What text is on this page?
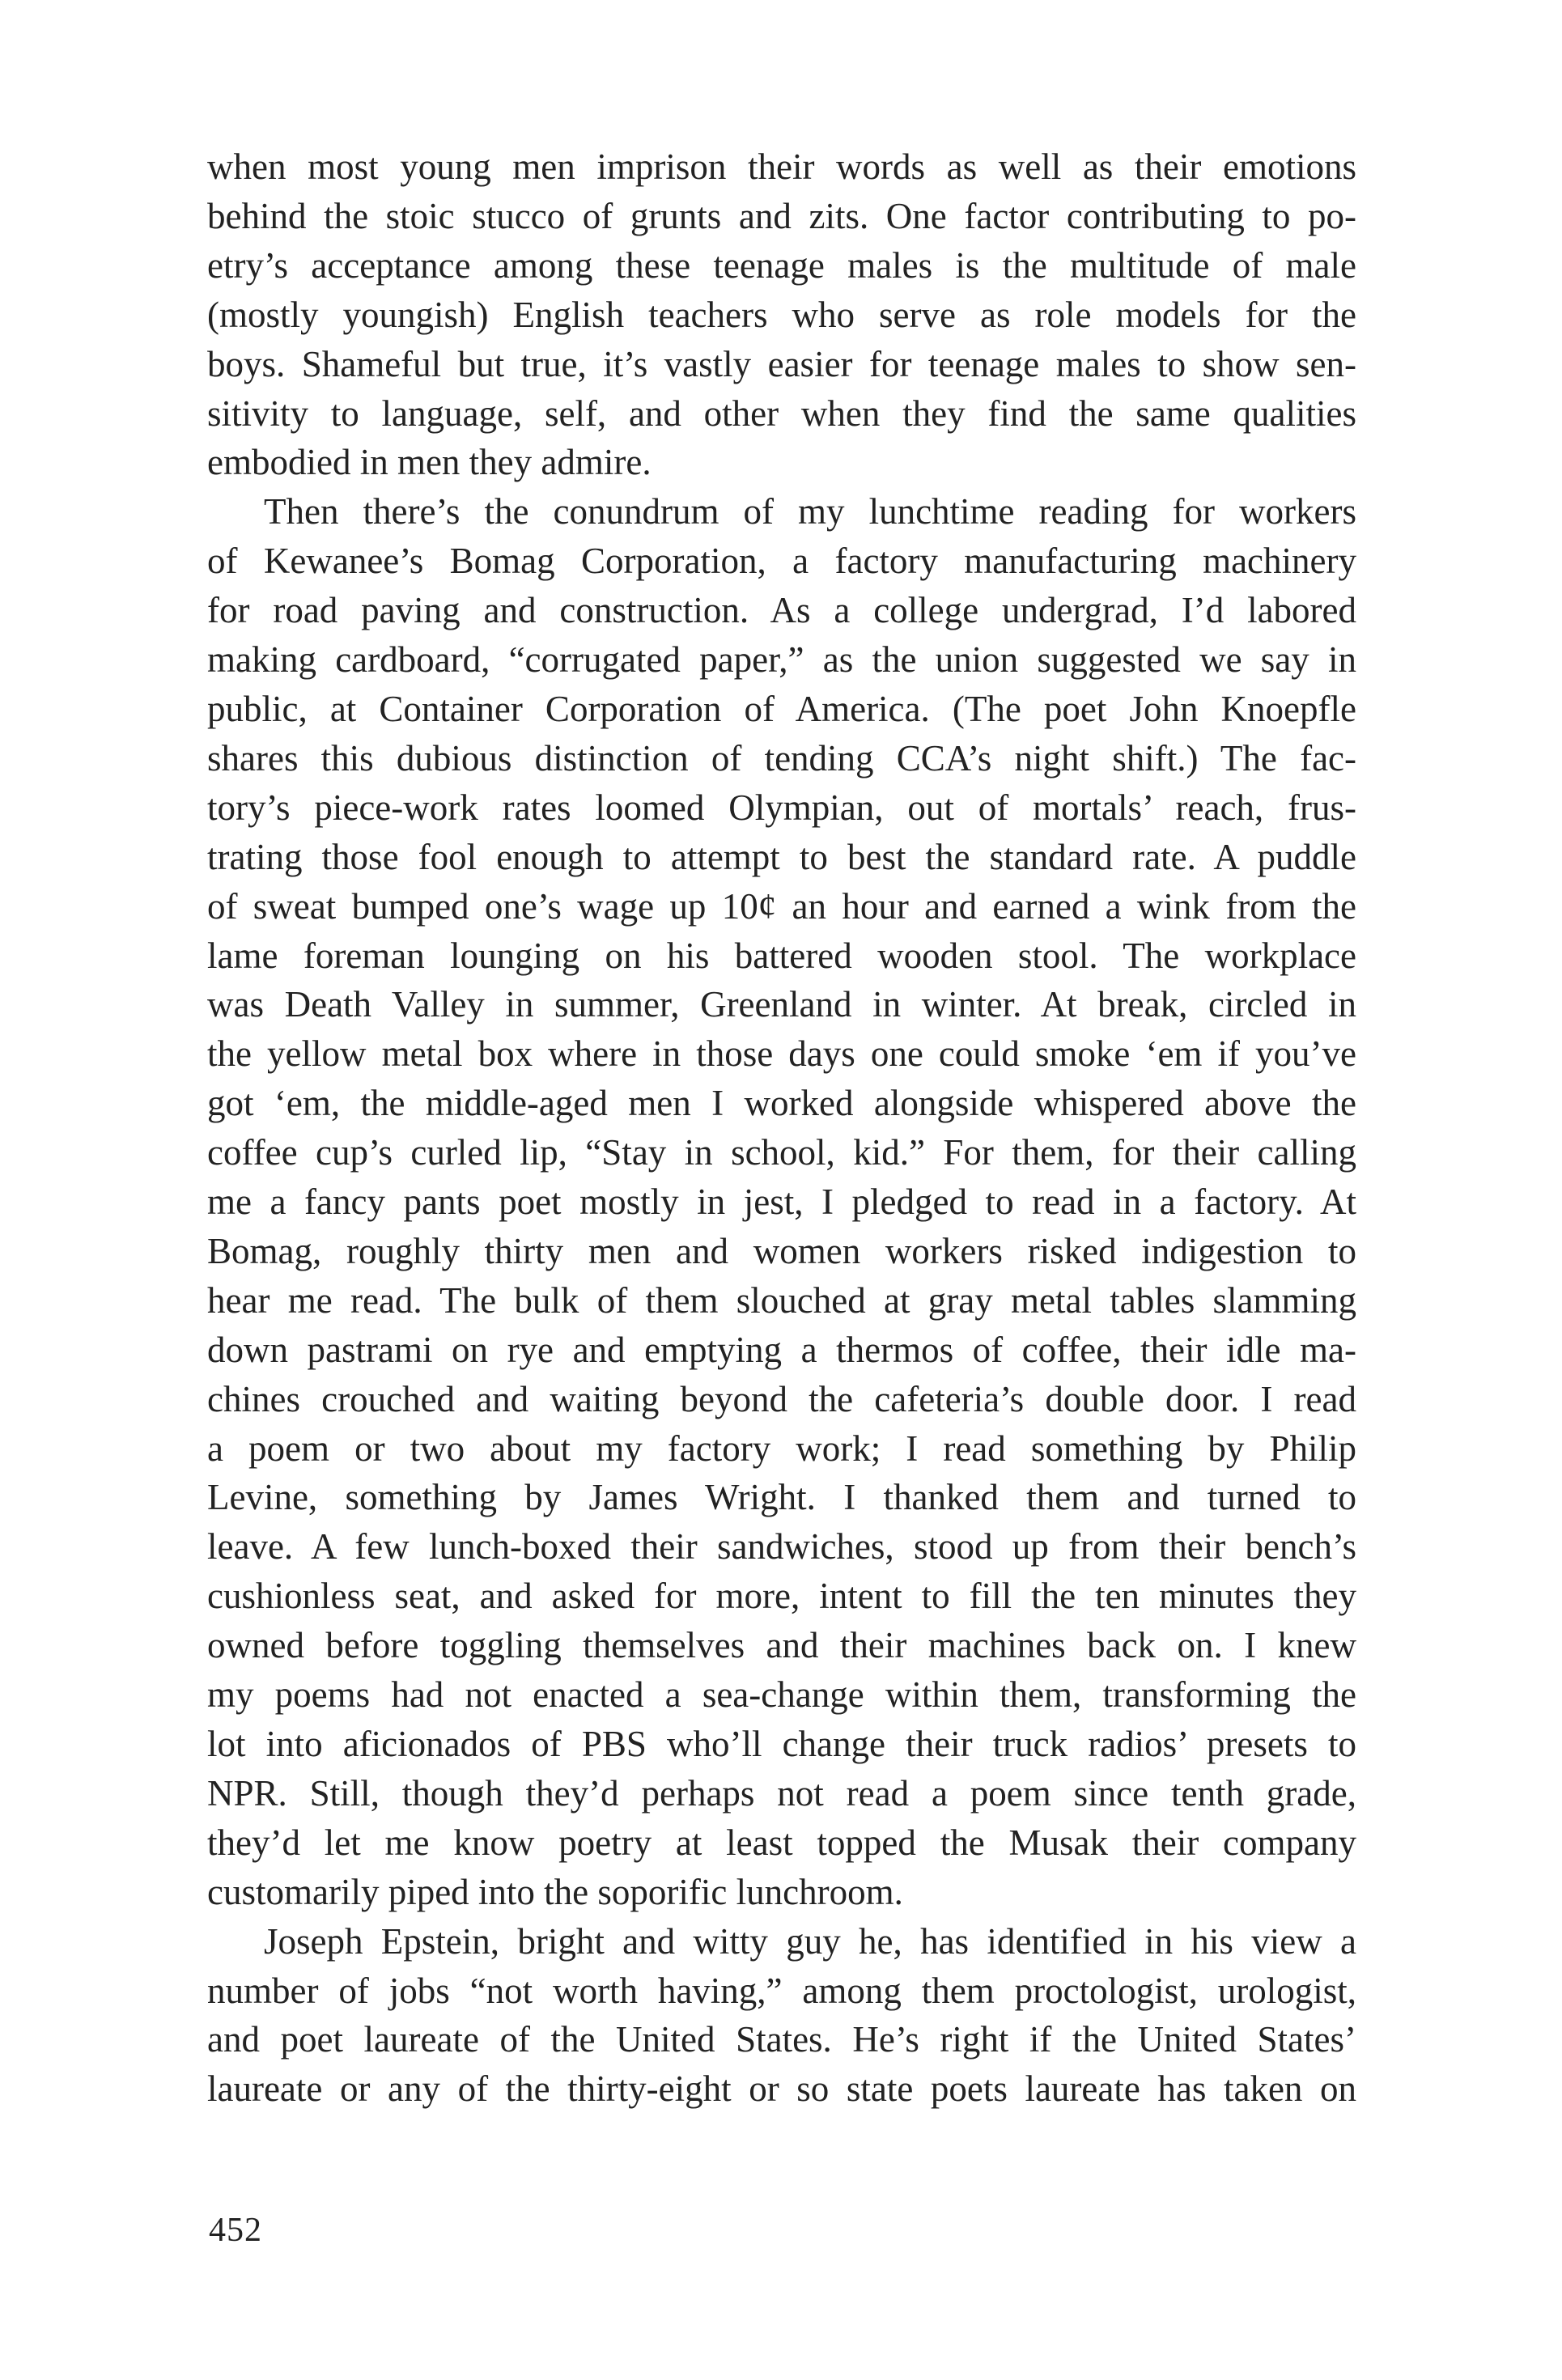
when most young men imprison their words as well as their emotions
behind the stoic stucco of grunts and zits. One factor contributing to po-
etry’s acceptance among these teenage males is the multitude of male
(mostly youngish) English teachers who serve as role models for the
boys. Shameful but true, it’s vastly easier for teenage males to show sen-
sitivity to language, self, and other when they find the same qualities
embodied in men they admire.

Then there’s the conundrum of my lunchtime reading for workers
of Kewanee’s Bomag Corporation, a factory manufacturing machinery
for road paving and construction. As a college undergrad, I’d labored
making cardboard, “corrugated paper,” as the union suggested we say in
public, at Container Corporation of America. (The poet John Knoepfle
shares this dubious distinction of tending CCA’s night shift.) The fac-
tory’s piece-work rates loomed Olympian, out of mortals’ reach, frus-
trating those fool enough to attempt to best the standard rate. A puddle
of sweat bumped one’s wage up 10¢ an hour and earned a wink from the
lame foreman lounging on his battered wooden stool. The workplace
was Death Valley in summer, Greenland in winter. At break, circled in
the yellow metal box where in those days one could smoke ‘em if you’ve
got ‘em, the middle-aged men I worked alongside whispered above the
coffee cup’s curled lip, “Stay in school, kid.” For them, for their calling
me a fancy pants poet mostly in jest, I pledged to read in a factory. At
Bomag, roughly thirty men and women workers risked indigestion to
hear me read. The bulk of them slouched at gray metal tables slamming
down pastrami on rye and emptying a thermos of coffee, their idle ma-
chines crouched and waiting beyond the cafeteria’s double door. I read
a poem or two about my factory work; I read something by Philip
Levine, something by James Wright. I thanked them and turned to
leave. A few lunch-boxed their sandwiches, stood up from their bench’s
cushionless seat, and asked for more, intent to fill the ten minutes they
owned before toggling themselves and their machines back on. I knew
my poems had not enacted a sea-change within them, transforming the
lot into aficionados of PBS who’ll change their truck radios’ presets to
NPR. Still, though they’d perhaps not read a poem since tenth grade,
they’d let me know poetry at least topped the Musak their company
customarily piped into the soporific lunchroom.

Joseph Epstein, bright and witty guy he, has identified in his view a
number of jobs “not worth having,” among them proctologist, urologist,
and poet laureate of the United States. He’s right if the United States’
laureate or any of the thirty-eight or so state poets laureate has taken on

452
